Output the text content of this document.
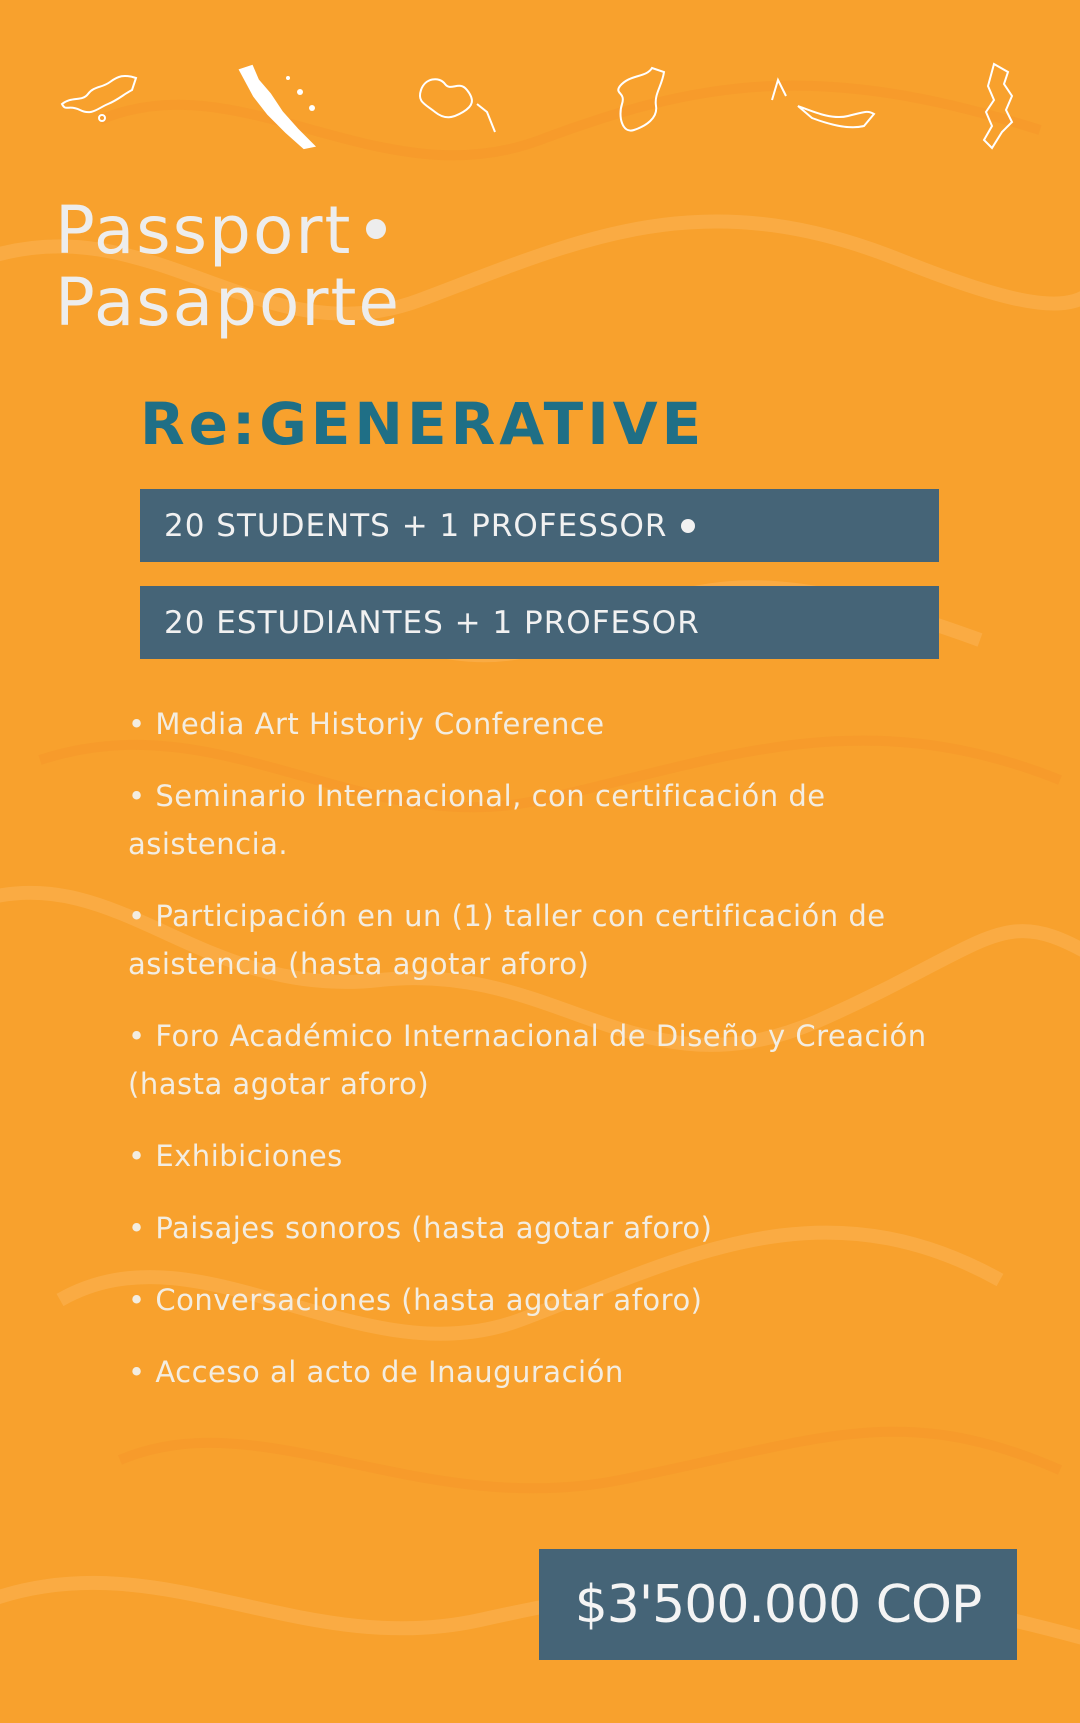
Passport
Pasaporte
Re:GENERATIVE
20 STUDENTS + 1 PROFESSOR
20 ESTUDIANTES + 1 PROFESOR
• Media Art Historiy Conference
• Seminario Internacional, con certificación de asistencia.
• Participación en un (1) taller con certificación de asistencia (hasta agotar aforo)
• Foro Académico Internacional de Diseño y Creación (hasta agotar aforo)
• Exhibiciones
• Paisajes sonoros (hasta agotar aforo)
• Conversaciones (hasta agotar aforo)
• Acceso al acto de Inauguración
$3'500.000 COP
